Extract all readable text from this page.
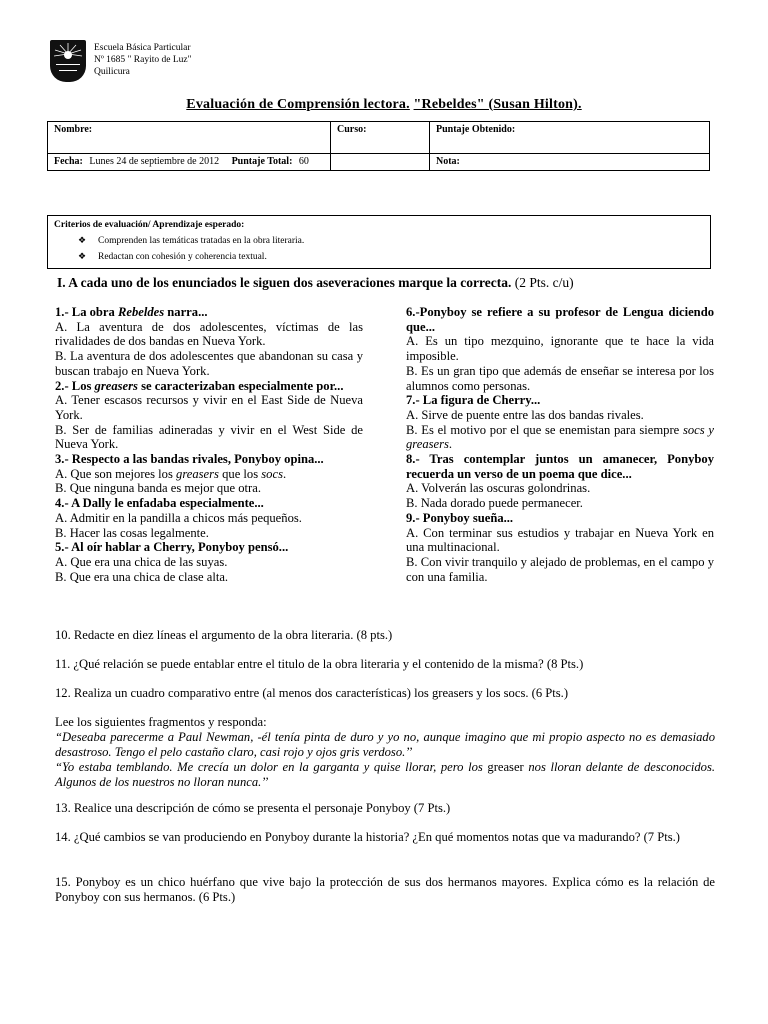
Escuela Básica Particular
Nº 1685 " Rayito de Luz"
Quilicura
Evaluación de Comprensión lectora. "Rebeldes" (Susan Hilton).
Nombre:	Curso:	Puntaje Obtenido:
Fecha: Lunes 24 de septiembre de 2012 Puntaje Total: 60		Nota:
Criterios de evaluación/ Aprendizaje esperado:
❖ Comprenden las temáticas tratadas en la obra literaria.
❖ Redactan con cohesión y coherencia textual.
I. A cada uno de los enunciados le siguen dos aseveraciones marque la correcta. (2 Pts. c/u)
1.- La obra Rebeldes narra...
A. La aventura de dos adolescentes, víctimas de las rivalidades de dos bandas en Nueva York.
B. La aventura de dos adolescentes que abandonan su casa y buscan trabajo en Nueva York.
2.- Los greasers se caracterizaban especialmente por...
A. Tener escasos recursos y vivir en el East Side de Nueva York.
B. Ser de familias adineradas y vivir en el West Side de Nueva York.
3.- Respecto a las bandas rivales, Ponyboy opina...
A. Que son mejores los greasers que los socs.
B. Que ninguna banda es mejor que otra.
4.- A Dally le enfadaba especialmente...
A. Admitir en la pandilla a chicos más pequeños.
B. Hacer las cosas legalmente.
5.- Al oír hablar a Cherry, Ponyboy pensó...
A. Que era una chica de las suyas.
B. Que era una chica de clase alta.
6.-Ponyboy se refiere a su profesor de Lengua diciendo que...
A. Es un tipo mezquino, ignorante que te hace la vida imposible.
B. Es un gran tipo que además de enseñar se interesa por los alumnos como personas.
7.- La figura de Cherry...
A. Sirve de puente entre las dos bandas rivales.
B. Es el motivo por el que se enemistan para siempre socs y greasers.
8.- Tras contemplar juntos un amanecer, Ponyboy recuerda un verso de un poema que dice...
A. Volverán las oscuras golondrinas.
B. Nada dorado puede permanecer.
9.- Ponyboy sueña...
A. Con terminar sus estudios y trabajar en Nueva York en una multinacional.
B. Con vivir tranquilo y alejado de problemas, en el campo y con una familia.
10. Redacte en diez líneas el argumento de la obra literaria. (8 pts.)
11. ¿Qué relación se puede entablar entre el titulo de la obra literaria y el contenido de la misma? (8 Pts.)
12. Realiza un cuadro comparativo entre (al menos dos características) los greasers y los socs. (6 Pts.)
Lee los siguientes fragmentos y responda:
“Deseaba parecerme a Paul Newman, -él tenía pinta de duro y yo no, aunque imagino que mi propio aspecto no es demasiado desastroso. Tengo el pelo castaño claro, casi rojo y ojos gris verdoso.’’
“Yo estaba temblando. Me crecía un dolor en la garganta y quise llorar, pero los greaser nos lloran delante de desconocidos. Algunos de los nuestros no lloran nunca.’’
13. Realice una descripción de cómo se presenta el personaje Ponyboy (7 Pts.)
14. ¿Qué cambios se van produciendo en Ponyboy durante la historia? ¿En qué momentos notas que va madurando? (7 Pts.)
15. Ponyboy es un chico huérfano que vive bajo la protección de sus dos hermanos mayores. Explica cómo es la relación de Ponyboy con sus hermanos. (6 Pts.)
